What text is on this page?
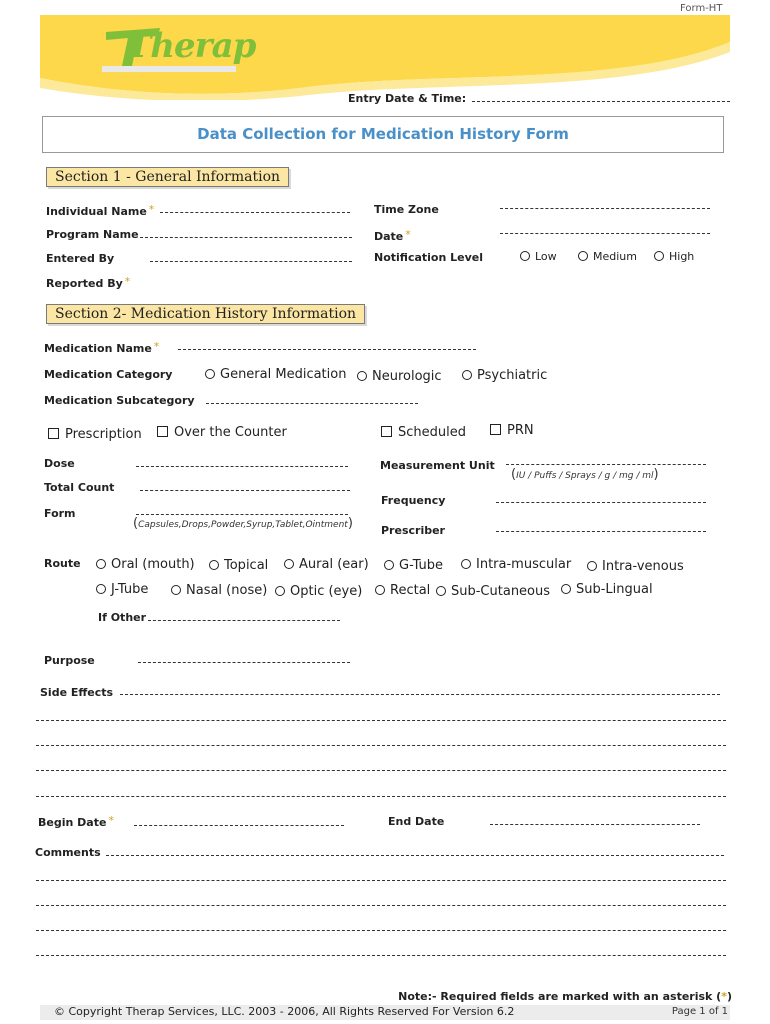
Form-HT
Therap
Entry Date & Time:
Data Collection for Medication History Form
Section 1 - General Information
Individual Name *
Program Name
Entered By
Reported By *
Time Zone
Date *
Notification Level	Low	Medium	High
Section 2- Medication History Information
Medication Name *
Medication Category	General Medication	Neurologic	Psychiatric
Medication Subcategory
Prescription	Over the Counter	Scheduled	PRN
Dose
Total Count
Form
(Capsules,Drops,Powder,Syrup,Tablet,Ointment)
Measurement Unit
(IU / Puffs / Sprays / g / mg / ml)
Frequency
Prescriber
Route	Oral (mouth)	Topical	Aural (ear)	G-Tube	Intra-muscular	Intra-venous
J-Tube	Nasal (nose)	Optic (eye)	Rectal	Sub-Cutaneous	Sub-Lingual
If Other
Purpose
Side Effects
Begin Date *	End Date
Comments
Note:- Required fields are marked with an asterisk (*)
© Copyright Therap Services, LLC. 2003 - 2006, All Rights Reserved For Version 6.2	Page 1 of 1
